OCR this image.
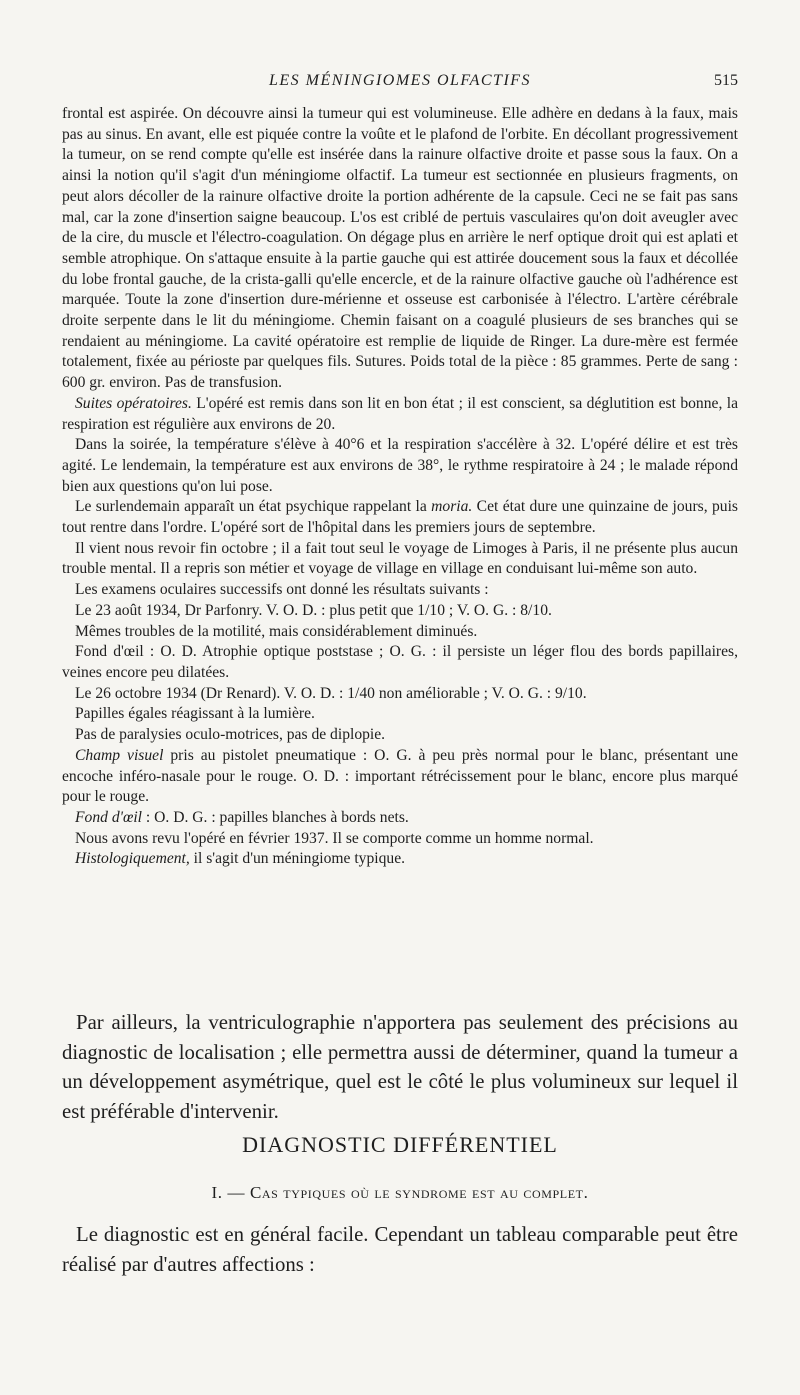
LES MÉNINGIOMES OLFACTIFS	515

frontal est aspirée. On découvre ainsi la tumeur qui est volumineuse. Elle adhère en dedans à la faux, mais pas au sinus. En avant, elle est piquée contre la voûte et le plafond de l'orbite. En décollant progressivement la tumeur, on se rend compte qu'elle est insérée dans la rainure olfactive droite et passe sous la faux. On a ainsi la notion qu'il s'agit d'un méningiome olfactif. La tumeur est sectionnée en plusieurs fragments, on peut alors décoller de la rainure olfactive droite la portion adhérente de la capsule. Ceci ne se fait pas sans mal, car la zone d'insertion saigne beaucoup. L'os est criblé de pertuis vasculaires qu'on doit aveugler avec de la cire, du muscle et l'électro-coagulation. On dégage plus en arrière le nerf optique droit qui est aplati et semble atrophique. On s'attaque ensuite à la partie gauche qui est attirée doucement sous la faux et décollée du lobe frontal gauche, de la crista-galli qu'elle encercle, et de la rainure olfactive gauche où l'adhérence est marquée. Toute la zone d'insertion dure-mérienne et osseuse est carbonisée à l'électro. L'artère cérébrale droite serpente dans le lit du méningiome. Chemin faisant on a coagulé plusieurs de ses branches qui se rendaient au méningiome. La cavité opératoire est remplie de liquide de Ringer. La dure-mère est fermée totalement, fixée au périoste par quelques fils. Sutures. Poids total de la pièce : 85 grammes. Perte de sang : 600 gr. environ. Pas de transfusion.

Suites opératoires. L'opéré est remis dans son lit en bon état ; il est conscient, sa déglutition est bonne, la respiration est régulière aux environs de 20.

Dans la soirée, la température s'élève à 40°6 et la respiration s'accélère à 32. L'opéré délire et est très agité. Le lendemain, la température est aux environs de 38°, le rythme respiratoire à 24 ; le malade répond bien aux questions qu'on lui pose.

Le surlendemain apparaît un état psychique rappelant la moria. Cet état dure une quinzaine de jours, puis tout rentre dans l'ordre. L'opéré sort de l'hôpital dans les premiers jours de septembre.

Il vient nous revoir fin octobre ; il a fait tout seul le voyage de Limoges à Paris, il ne présente plus aucun trouble mental. Il a repris son métier et voyage de village en village en conduisant lui-même son auto.

Les examens oculaires successifs ont donné les résultats suivants :

Le 23 août 1934, Dr Parfonry. V. O. D. : plus petit que 1/10 ; V. O. G. : 8/10.

Mêmes troubles de la motilité, mais considérablement diminués.

Fond d'œil : O. D. Atrophie optique poststase ; O. G. : il persiste un léger flou des bords papillaires, veines encore peu dilatées.

Le 26 octobre 1934 (Dr Renard). V. O. D. : 1/40 non améliorable ; V. O. G. : 9/10.

Papilles égales réagissant à la lumière.

Pas de paralysies oculo-motrices, pas de diplopie.

Champ visuel pris au pistolet pneumatique : O. G. à peu près normal pour le blanc, présentant une encoche inféro-nasale pour le rouge. O. D. : important rétrécissement pour le blanc, encore plus marqué pour le rouge.

Fond d'œil : O. D. G. : papilles blanches à bords nets.

Nous avons revu l'opéré en février 1937. Il se comporte comme un homme normal.

Histologiquement, il s'agit d'un méningiome typique.

Par ailleurs, la ventriculographie n'apportera pas seulement des précisions au diagnostic de localisation ; elle permettra aussi de déterminer, quand la tumeur a un développement asymétrique, quel est le côté le plus volumineux sur lequel il est préférable d'intervenir.

DIAGNOSTIC DIFFÉRENTIEL
I. — Cas typiques où le syndrome est au complet.

Le diagnostic est en général facile. Cependant un tableau comparable peut être réalisé par d'autres affections :
